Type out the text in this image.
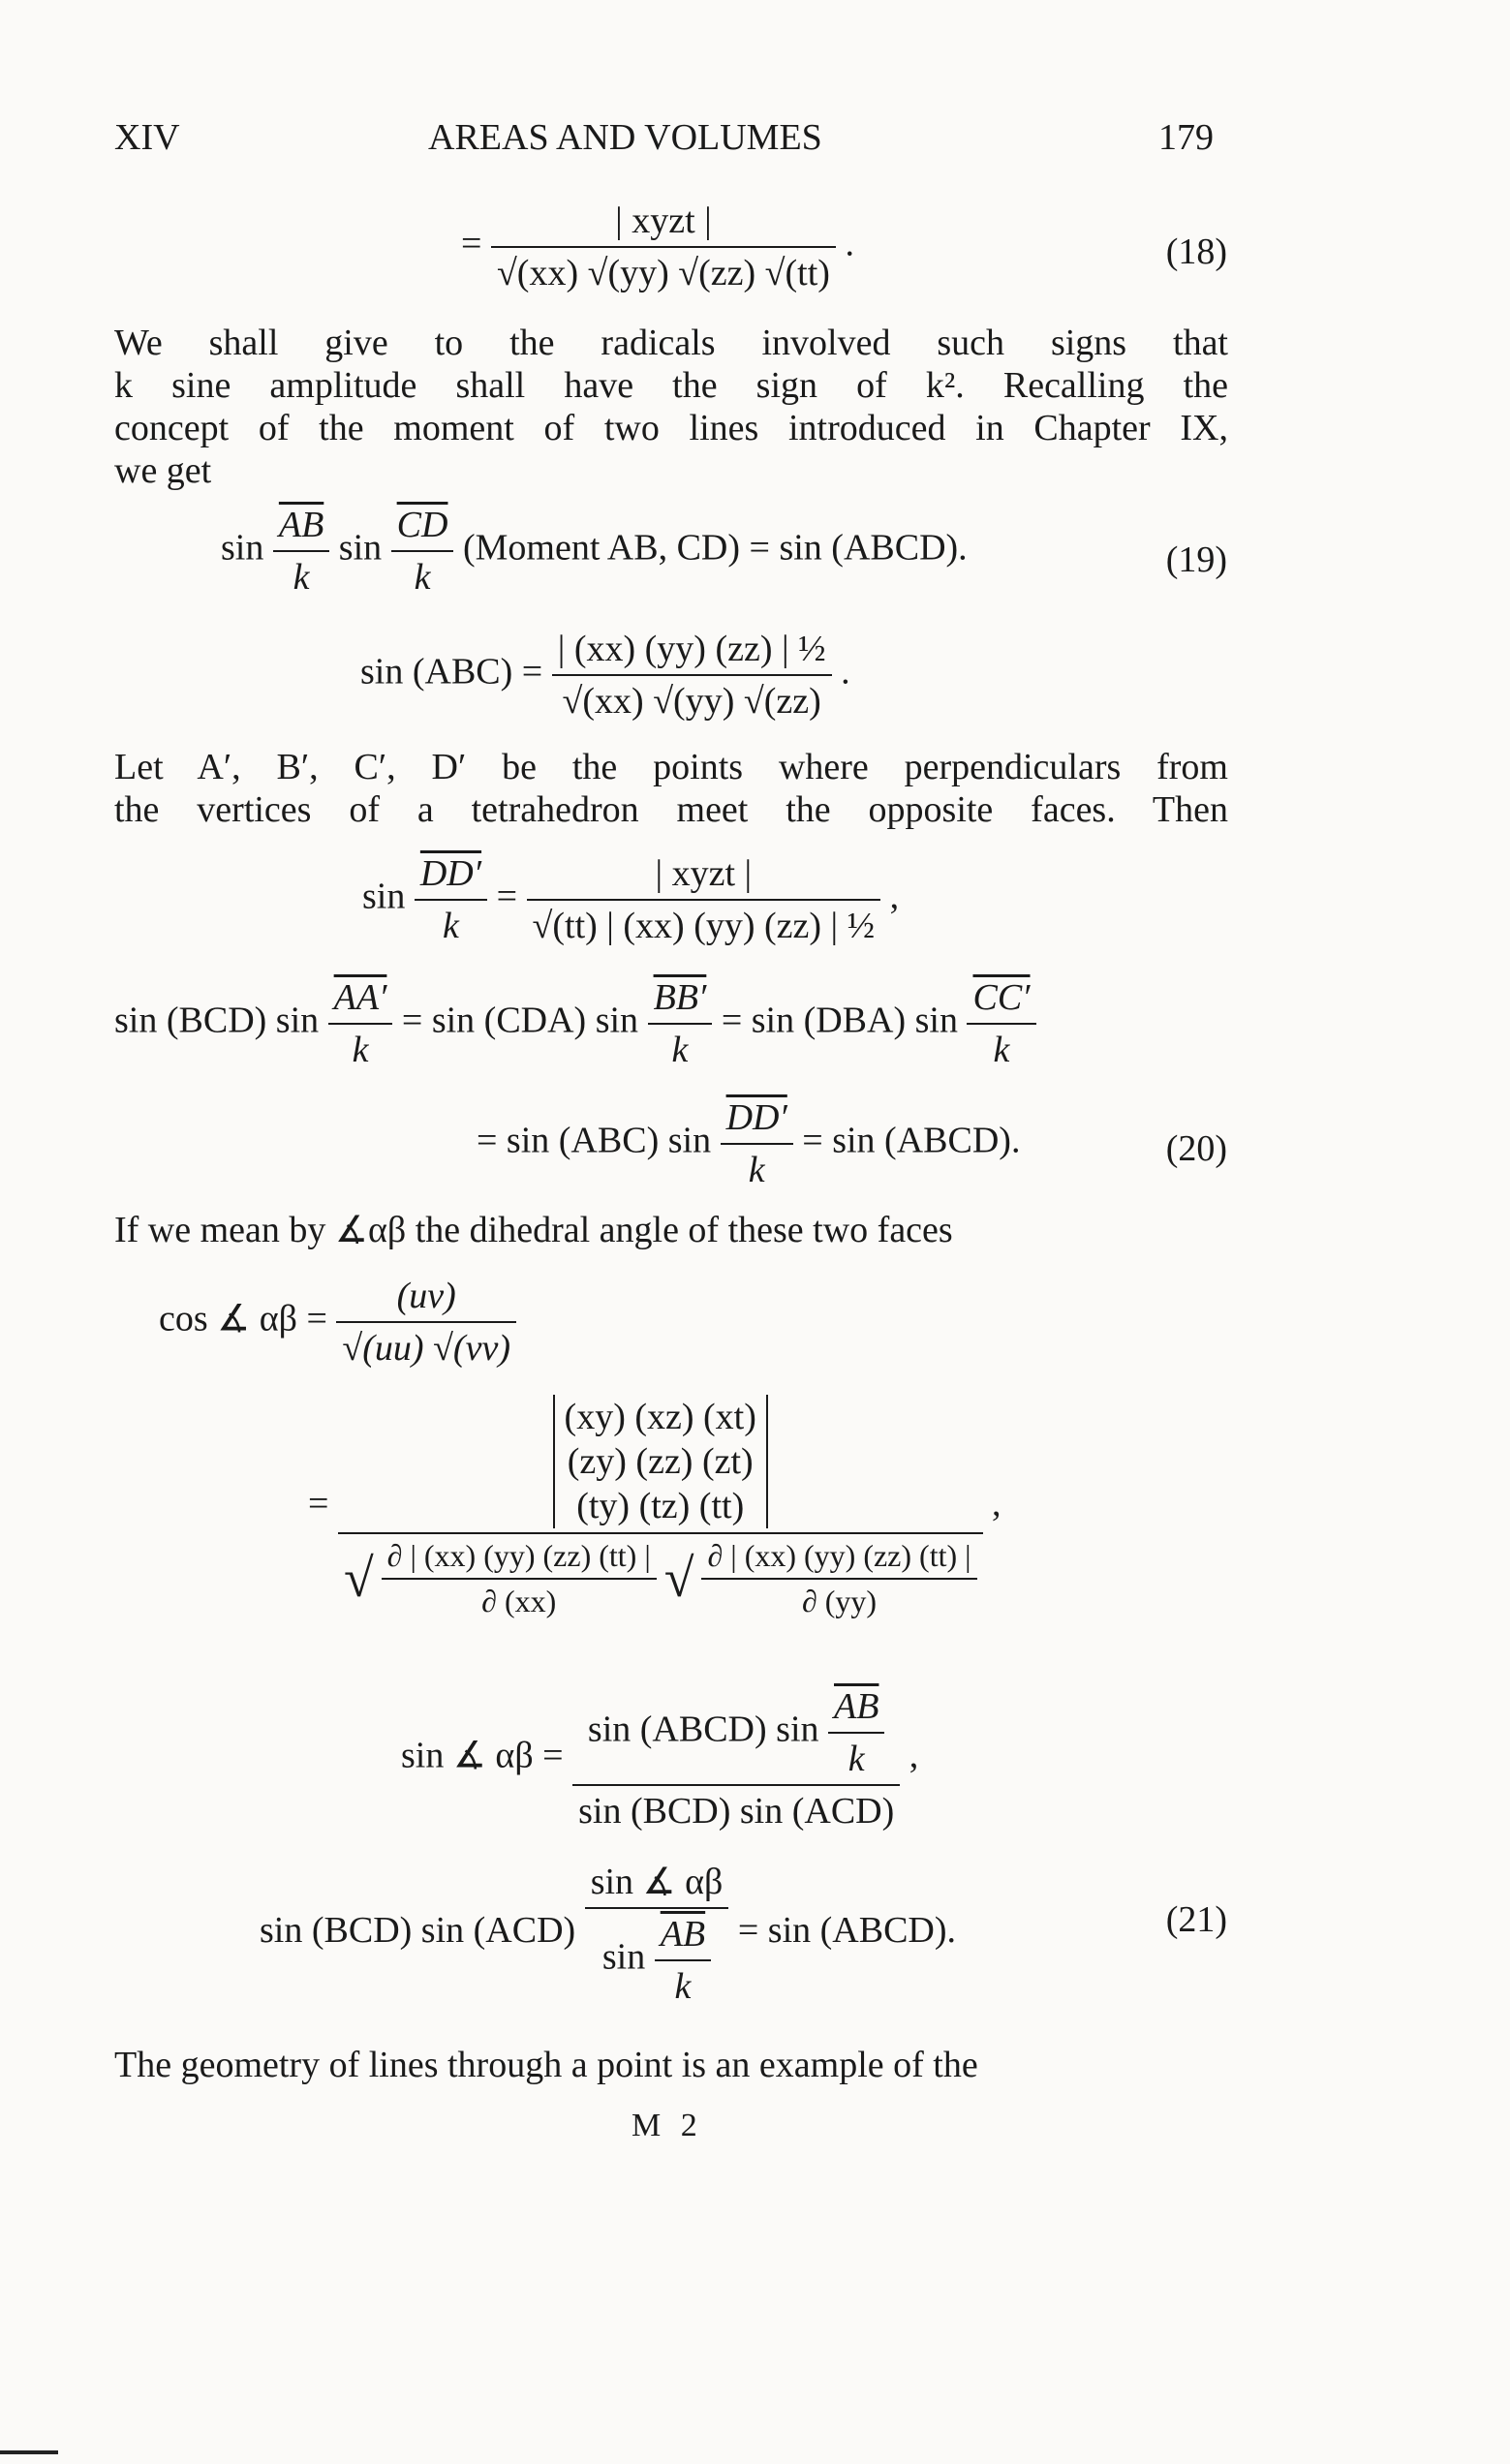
XIV	AREAS AND VOLUMES	179
= $\frac{\text{| xyzt |}}{√(xx) √(yy) √(zz) √(tt)}$ .	(18)
We shall give to the radicals involved such signs that
k sine amplitude shall have the sign of k². Recalling the
concept of the moment of two lines introduced in Chapter IX,
we get
$\sin \frac{\overline{AB}}{k}$ $\sin \frac{\overline{CD}}{k}$ (Moment AB, CD) = sin (ABCD).	(19)
$\sin (ABC) = \frac{\text{| (xx) (yy) (zz) | ½}}{√(xx) √(yy) √(zz)}$ .
Let A′, B′, C′, D′ be the points where perpendiculars from
the vertices of a tetrahedron meet the opposite faces. Then
$\sin \frac{DD'}{k} = \frac{\text{| xyzt |}}{\text{√(tt) | (xx) (yy) (zz) | ½}}$ ,
sin (BCD) $\sin \frac{AA'}{k} = \sin (CDA)$ $\sin \frac{BB'}{k} = \sin (DBA)$ $\sin \frac{CC'}{k}$
= sin (ABC) $\sin \frac{DD'}{k} = \sin$ (ABCD).	(20)
If we mean by ∡αβ the dihedral angle of these two faces
cos ∡ $\alpha\beta = \frac{(uv)}{√(uu) √(vv)}$
=
(xy) (xz) (xt)
(zy) (zz) (zt)
(ty) (tz) (tt)
√ $\frac{\partial | (xx) (yy) (zz) (tt) |}{\partial (xx)}$ √ $\frac{\partial | (xx) (yy) (zz) (tt) |}{\partial (yy)}$
,
sin ∡ $\alpha\beta = \frac{\sin (ABCD) \sin \frac{\overline{AB}}{k}}{\text{sin (BCD) sin (ACD)}}$ ,
sin (BCD) $\sin (ACD) \frac{\sin ∡ \alpha\beta}{\sin \frac{\overline{AB}}{k}} = \sin$ (ABCD).	(21)
The geometry of lines through a point is an example of the
M 2
